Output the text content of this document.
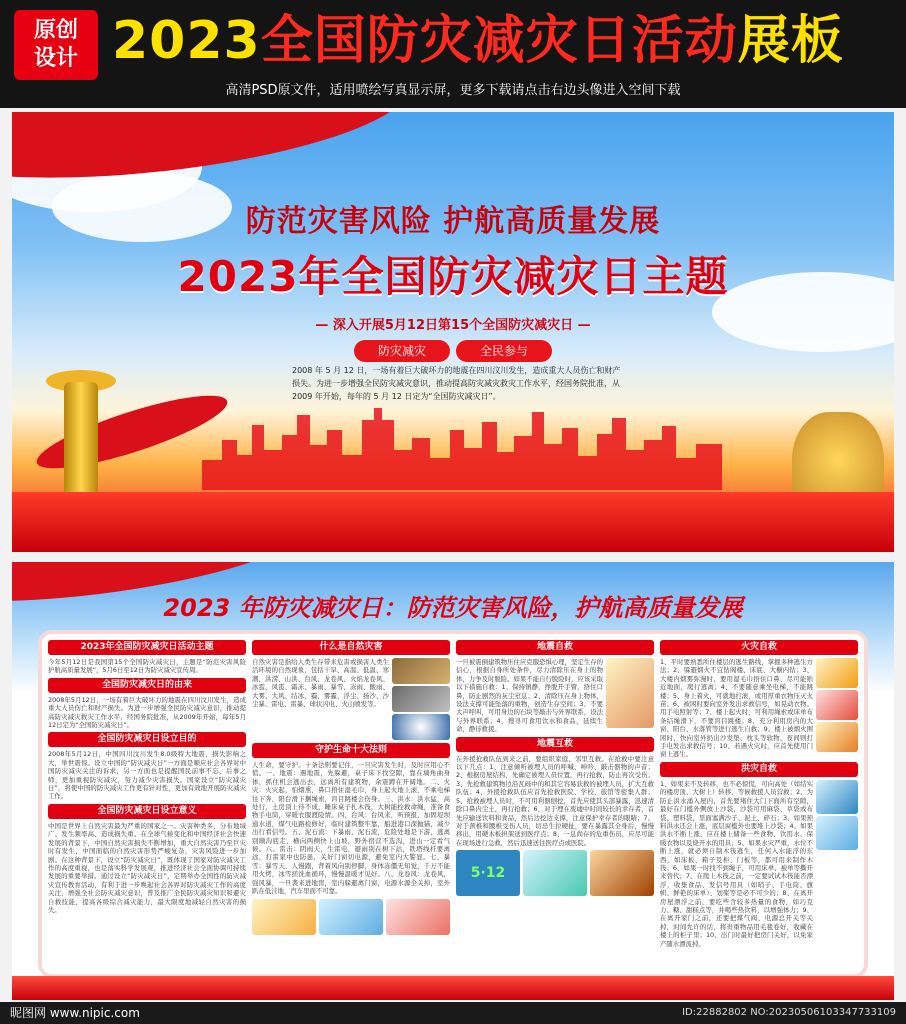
原创
设计 2023全国防灾减灾日活动展板
高清PSD原文件，适用喷绘写真显示屏，更多下载请点击右边头像进入空间下载
防范灾害风险 护航高质量发展
2023年全国防灾减灾日主题
— 深入开展5月12日第15个全国防灾减灾日 —
防灾减灾	全民参与
2008 年 5 月 12 日，一场有着巨大破坏力的地震在四川汶川发生，造成重大人员伤亡和财产损失。为进一步增强全民防灾减灾意识，推动提高防灾减灾救灾工作水平，经国务院批准，从 2009 年开始，每年的 5 月 12 日定为“全国防灾减灾日”。
2023 年防灾减灾日：防范灾害风险，护航高质量发展
2023年全国防灾减灾日活动主题
今年5月12日是我国第15个全国防灾减灾日，主题是“防范灾害风险 护航高质量发展”，5月6日至12日为防灾减灾宣传周。
全国防灾减灾日的由来
2008年5月12日，一场有着巨大破坏力的地震在四川汶川发生，造成重大人员伤亡和财产损失。为进一步增强全民防灾减灾意识，推动提高防灾减灾救灾工作水平，经国务院批准，从2009年开始，每年5月12日定为“全国防灾减灾日”。
全国防灾减灾日设立目的
2008年5月12日，中国四川汶川发生8.0级特大地震，损失影响之大，举世震惊。设立中国的“防灾减灾日”一方面是顺应社会各界对中国防灾减灾关注的诉求，另一方面也是提醒国民前事不忘、后事之师，更加重视防灾减灾，努力减少灾害损失。国家设立“防灾减灾日”，将使中国的防灾减灾工作更有针对性，更加有效地开展防灾减灾工作。
全国防灾减灾日设立意义
中国是世界上自然灾害最为严重的国家之一。灾害种类多、分布地域广、发生频率高、造成损失重。在全球气候变化和中国经济社会快速发展的背景下，中国自然灾害损失不断增加，重大自然灾害乃至巨灾时有发生，中国面临的自然灾害形势严峻复杂，灾害风险进一步加剧。在这种背景下，设立“防灾减灾日”，既体现了国家对防灾减灾工作的高度重视，也是落实科学发展观，推进经济社会全面协调可持续发展的重要举措。通过设立“防灾减灾日”，定期举办全国性的防灾减灾宣传教育活动，有利于进一步唤起社会各界对防灾减灾工作的高度关注，增强全社会防灾减灾意识，普及推广全民防灾减灾知识和避灾自救技能，提高各级综合减灾能力，最大限度地减轻自然灾害的损失。
什么是自然灾害
自然灾害是指给人类生存带来危害或损害人类生活环境的自然现象，包括干旱、高温、低温、寒潮、洪涝、山洪、台风、龙卷风、火焰龙卷风、冰雹、风雹、霜冻、暴雨、暴雪、冻雨、酸雨、大雾、大风、结冰、霾、雾霾、浮尘、扬沙、沙尘暴、雷电、雷暴、球状闪电、火山喷发等。
守护生命十大法则
人生命，要守护。十条法则要记住，一旦灾害发生时，及时应用心不慌。一、地震：遇地震，先躲避，桌子床下找空隙，靠在墙角曲身体，抓住机会逃出去，远离所有建筑物，余震蹲在开阔地。二、火灾：火灾起，怕烟熏，鼻口捂住湿毛巾，身上起火地上滚，不乘电梯往下奔，阳台滑下捆绳索，盲目跳楼会伤身。三、洪水：洪水猛，高处行，土房顶上待不成，睡床桌子扎木筏，大树能拴救命绳，准备食物手电筒，穿暖衣服渡险情。四、台风：台风来，听预报，加固堤坝通水道，煤气电路检修好，临时建筑整牢靠，船进港口深抛锚，减少出行看信号。五、泥石流：下暴雨，泥石流，危险处地是下游，逃离别顺沟底走，横向两侧快上山坡，野外宿营不选沟，进山一定看气候。六、雷击：阴雨天，生雷电，避雨别在树下站，铁塔线杆要离远，打雷家中也防患，关好门窗切电源，避免室内大警显。七、暴雪：暴雪天，人慢跑，背着风向别停脚，身体冻僵无知觉，千万不能用火烤，冰雪搓洗血循环，慢慢温暖才见好。八、龙卷风：龙卷风，强风暴，一旦袭来进地窖，室内躲避离门窗，电源水源全关掉，室外趴在低洼地，汽车里面不可靠。
地震自救
一旦被震倒建筑物压住应克服恐惧心理，坚定生存的信心，根据自身所处条件，尽力清除压在身上的物体，力争及时脱险。如果不能自行脱险时，应该采取以下措施自救：1、保持镇静，挣脱开手臂，捂住口鼻，防止剧烈的灰尘窒息；2、清除压在身上物体，设法支撑可能坠落的重物，创造生存空间；3、不要大声呼叫，可用身边的石块等敲击与外界联系，设法与外界联系；4、搜寻可食用饮水和食品，延续生命，静待救援。
地震互救
在外援抢救队伍到来之前，要组织家庭、邻里互救。在抢救中要注意以下几点：1、注意倾听被埋人员的呼喊、呻吟、敲击器物的声音；2、根据房屋结构，先确定被埋人员位置，再行抢救，防止再次受伤；3、先抢救建筑物边沿瓦砾中的和其它容易获救的被埋人员，扩大互救队伍；4、外援抢救队伍应首先抢救医院、学校、旅馆等密集人群；5、抢救被埋人员时，不可用利器刨挖，首先应使其头部暴露，迅速清除口鼻内尘土，再行抢救；6、对于埋在废墟中时间较长的幸存者，首先应输送饮料和食品，然后边挖边支撑，注意保护幸存者的眼睛；7、对于颈椎和腰椎受伤人员，切忌生拉硬扯，要在暴露其全身后，慢慢移出，用硬木板担架送到医疗点；8、一息尚存的危重伤员，应尽可能在现场进行急救，然后迅速送往医疗点或医院。
5·12
火灾自救
1、平时要熟悉所住楼层的逃生路线，掌握多种逃生方法；2、躲避烟火不宜钻阁楼、床底、大橱内钻；3、大楼内烟雾弥漫时，要用湿毛巾捂住口鼻，尽可能贴近地面，爬行逃离；4、不要随意乘坐电梯，不能跳楼；5、身上着火，可就地打滚，或用厚重衣物压灭火苗；6、被困时要向室外发出求救信号，如晃动衣物、用手电照射等；7、楼上起火时，可利用绳索或床单布条结绳滑下，不要盲目跳楼；8、充分利用房内的大窗、阳台、水落管等进行逃生自救；9、楼上被烟火围困时，快向室外扔出沙发垫、枕头等软物，夜间则打手电发出求救信号；10、若遇火灾时，应首先使用门窗上逃生。
洪灾自救
1、如果来不及转移，也不必惊慌，可向高处（如结实的楼房顶、大树上）转移，等候救援人员营救；2、为防止洪水涌入屋内，首先要堵住大门下面所有空隙，最好在门槛外侧放上沙袋，沙袋可用麻袋、草袋或布袋、塑料袋，里面塞满沙子、泥土、碎石；3、如果预料洪水还会上涨，底层窗槛外也要堆上沙袋；4、如果洪水不断上涨，应在楼上储备一些食物、饮用水、保暖衣物以及烧开水的用具；5、如果水灾严重，水位不断上涨，就必须自制木筏逃生，任何入水能浮的东西，如床板、箱子及柜、门板等，都可用来制作木筏；6、如果一时找不到绳子，可用床单、被单等撕开来替代；7、在爬上木筏之前，一定要试试木筏能否漂浮，收集食品、发信号用具（如哨子、手电筒、旗帜、鲜艳的床单）、划桨等是必不可少的；8、在离开房屋漂浮之前，要吃些含较多热量的食物，如巧克力、糖、甜糕点等，并喝些热饮料，以增强体力；9、在离开家门之前，还要把煤气阀、电源总开关等关掉，时间允许的话，将贵重物品用毛毯卷好，收藏在楼上的柜子里；10、出门时最好把房门关好，以免家产随水漂流掉。
昵图网 www.nipic.com	ID:22882802 NO:20230506103347733109
